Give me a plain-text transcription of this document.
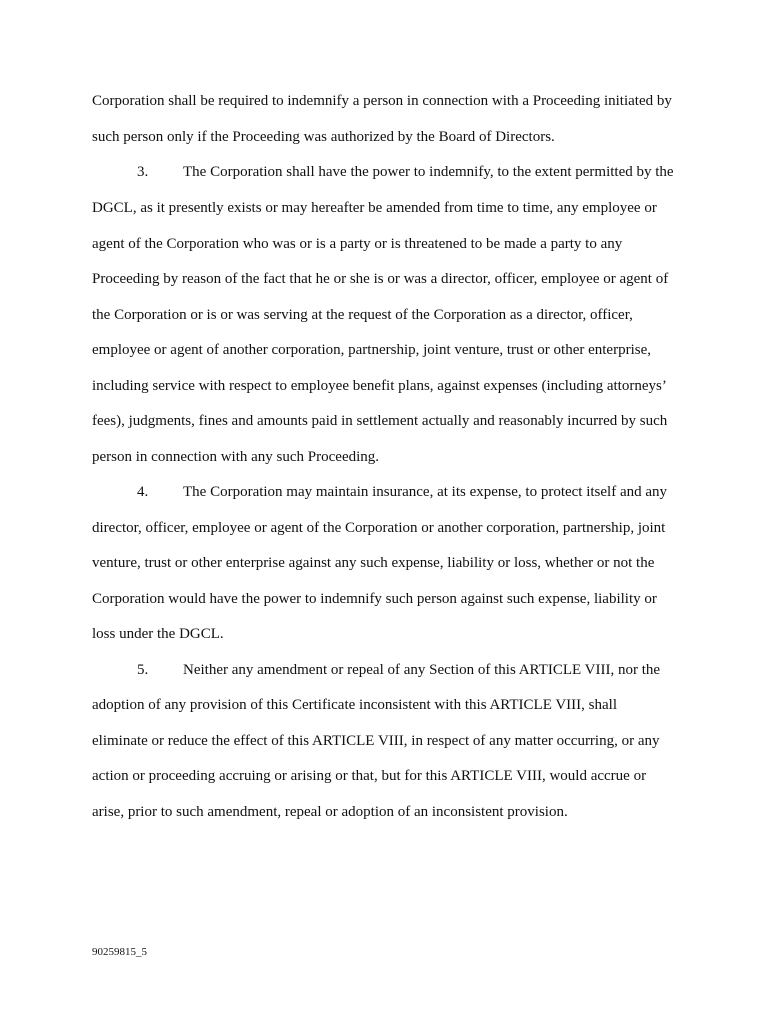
Corporation shall be required to indemnify a person in connection with a Proceeding initiated by
such person only if the Proceeding was authorized by the Board of Directors.
3. The Corporation shall have the power to indemnify, to the extent permitted by the
DGCL, as it presently exists or may hereafter be amended from time to time, any employee or
agent of the Corporation who was or is a party or is threatened to be made a party to any
Proceeding by reason of the fact that he or she is or was a director, officer, employee or agent of
the Corporation or is or was serving at the request of the Corporation as a director, officer,
employee or agent of another corporation, partnership, joint venture, trust or other enterprise,
including service with respect to employee benefit plans, against expenses (including attorneys’
fees), judgments, fines and amounts paid in settlement actually and reasonably incurred by such
person in connection with any such Proceeding.
4. The Corporation may maintain insurance, at its expense, to protect itself and any
director, officer, employee or agent of the Corporation or another corporation, partnership, joint
venture, trust or other enterprise against any such expense, liability or loss, whether or not the
Corporation would have the power to indemnify such person against such expense, liability or
loss under the DGCL.
5. Neither any amendment or repeal of any Section of this ARTICLE VIII, nor the
adoption of any provision of this Certificate inconsistent with this ARTICLE VIII, shall
eliminate or reduce the effect of this ARTICLE VIII, in respect of any matter occurring, or any
action or proceeding accruing or arising or that, but for this ARTICLE VIII, would accrue or
arise, prior to such amendment, repeal or adoption of an inconsistent provision.
90259815_5
